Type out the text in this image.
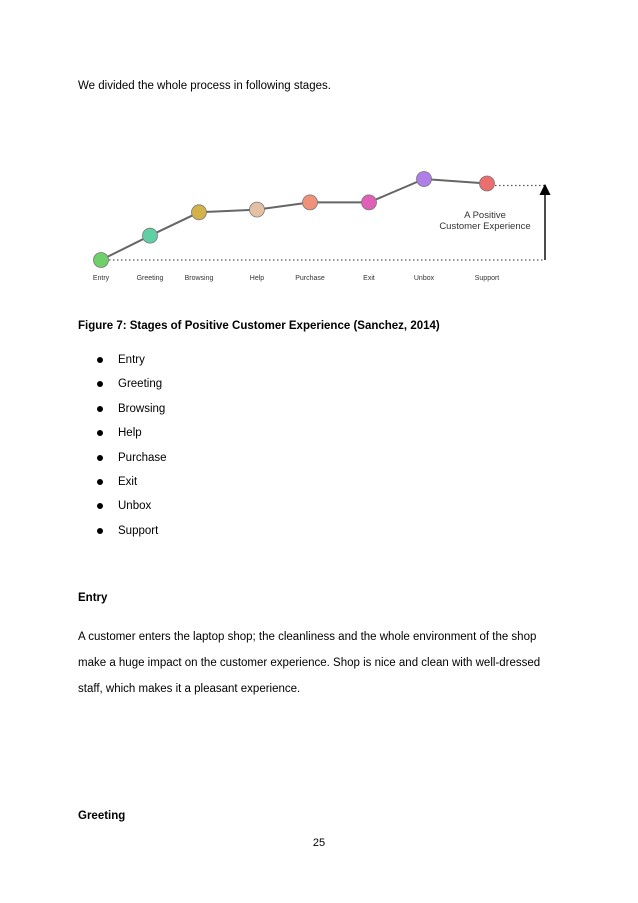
We divided the whole process in following stages.
Entry	Greeting	Browsing	Help	Purchase	Exit	Unbox	Support
A Positive
Customer Experience
Figure 7: Stages of Positive Customer Experience (Sanchez, 2014)
Entry
Greeting
Browsing
Help
Purchase
Exit
Unbox
Support
Entry
A customer enters the laptop shop; the cleanliness and the whole environment of the shop
make a huge impact on the customer experience. Shop is nice and clean with well-dressed
staff, which makes it a pleasant experience.
Greeting
25
